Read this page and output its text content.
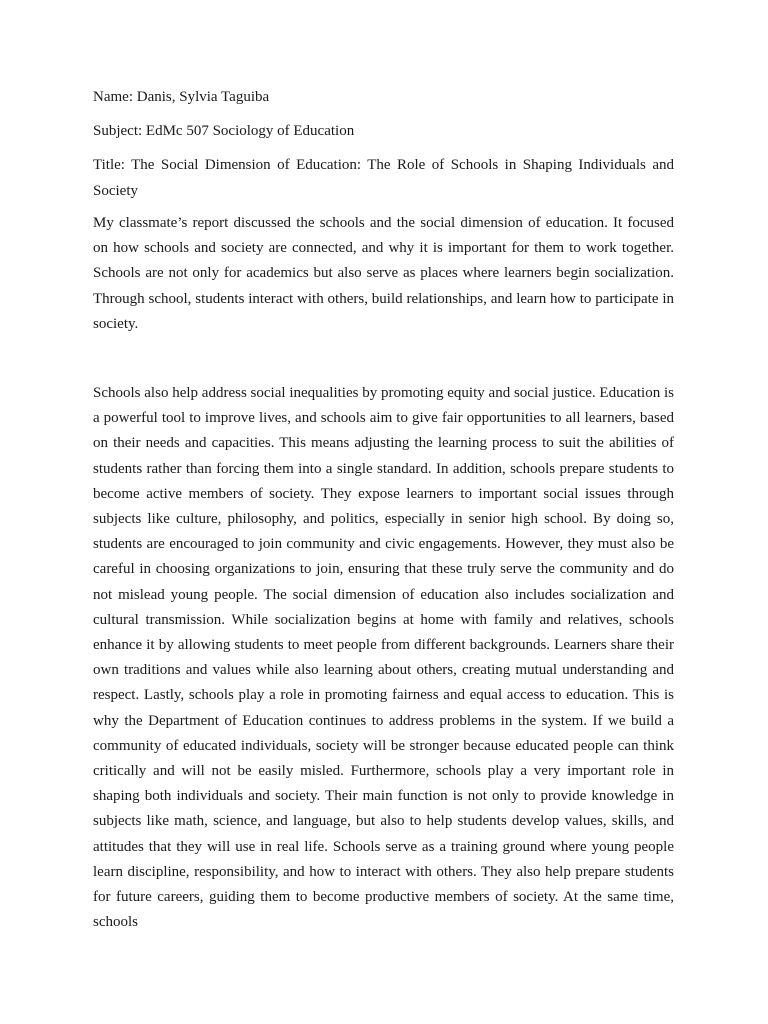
Name: Danis, Sylvia Taguiba

Subject: EdMc 507 Sociology of Education

Title: The Social Dimension of Education: The Role of Schools in Shaping Individuals and Society

My classmate’s report discussed the schools and the social dimension of education. It focused on how schools and society are connected, and why it is important for them to work together. Schools are not only for academics but also serve as places where learners begin socialization. Through school, students interact with others, build relationships, and learn how to participate in society.

Schools also help address social inequalities by promoting equity and social justice. Education is a powerful tool to improve lives, and schools aim to give fair opportunities to all learners, based on their needs and capacities. This means adjusting the learning process to suit the abilities of students rather than forcing them into a single standard. In addition, schools prepare students to become active members of society. They expose learners to important social issues through subjects like culture, philosophy, and politics, especially in senior high school. By doing so, students are encouraged to join community and civic engagements. However, they must also be careful in choosing organizations to join, ensuring that these truly serve the community and do not mislead young people. The social dimension of education also includes socialization and cultural transmission. While socialization begins at home with family and relatives, schools enhance it by allowing students to meet people from different backgrounds. Learners share their own traditions and values while also learning about others, creating mutual understanding and respect. Lastly, schools play a role in promoting fairness and equal access to education. This is why the Department of Education continues to address problems in the system. If we build a community of educated individuals, society will be stronger because educated people can think critically and will not be easily misled. Furthermore, schools play a very important role in shaping both individuals and society. Their main function is not only to provide knowledge in subjects like math, science, and language, but also to help students develop values, skills, and attitudes that they will use in real life. Schools serve as a training ground where young people learn discipline, responsibility, and how to interact with others. They also help prepare students for future careers, guiding them to become productive members of society. At the same time, schools
